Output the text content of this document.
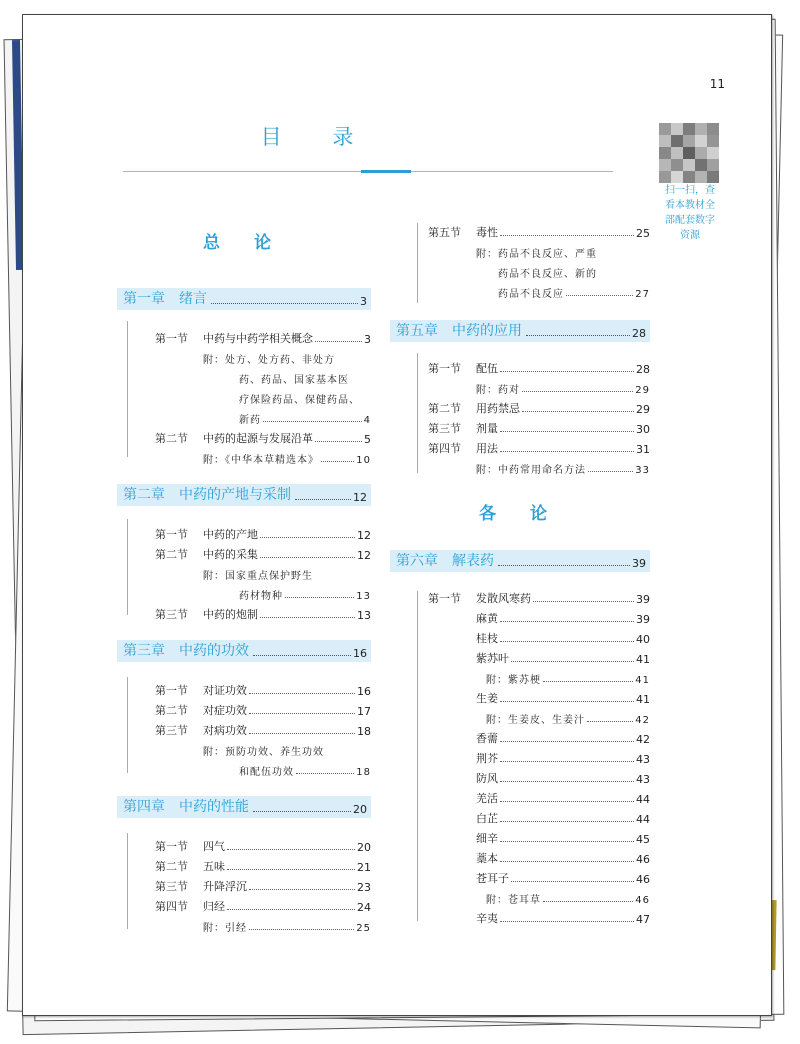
11
目 录
扫一扫，查
看本教材全
部配套数字
资源
总 论
第一章　绪言	3
第一节	中药与中药学相关概念	3
附：处方、处方药、非处方
药、药品、国家基本医
疗保险药品、保健药品、
新药	4
第二节	中药的起源与发展沿革	5
附：《中华本草精选本》	10
第二章　中药的产地与采制	12
第一节	中药的产地	12
第二节	中药的采集	12
附：国家重点保护野生
药材物种	13
第三节	中药的炮制	13
第三章　中药的功效	16
第一节	对证功效	16
第二节	对症功效	17
第三节	对病功效	18
附：预防功效、养生功效
和配伍功效	18
第四章　中药的性能	20
第一节	四气	20
第二节	五味	21
第三节	升降浮沉	23
第四节	归经	24
附：引经	25
第五节	毒性	25
附：药品不良反应、严重
药品不良反应、新的
药品不良反应	27
第五章　中药的应用	28
第一节	配伍	28
附：药对	29
第二节	用药禁忌	29
第三节	剂量	30
第四节	用法	31
附：中药常用命名方法	33
各 论
第六章　解表药	39
第一节	发散风寒药	39
麻黄	39
桂枝	40
紫苏叶	41
附：紫苏梗	41
生姜	41
附：生姜皮、生姜汁	42
香薷	42
荆芥	43
防风	43
羌活	44
白芷	44
细辛	45
藁本	46
苍耳子	46
附：苍耳草	46
辛夷	47
